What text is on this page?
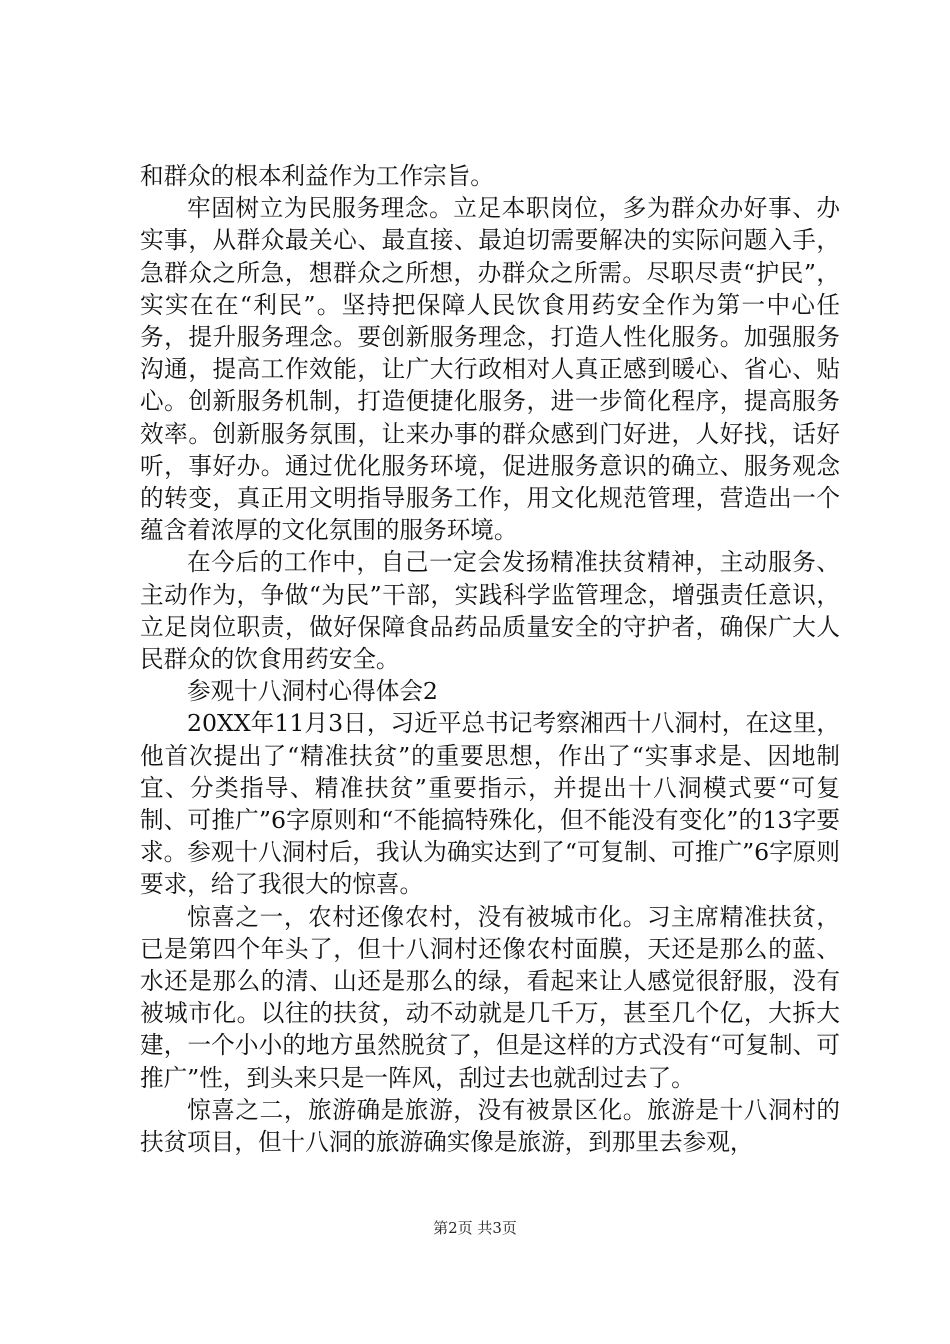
和群众的根本利益作为工作宗旨。

牢固树立为民服务理念。立足本职岗位，多为群众办好事、办实事，从群众最关心、最直接、最迫切需要解决的实际问题入手，急群众之所急，想群众之所想，办群众之所需。尽职尽责“护民”，实实在在“利民”。坚持把保障人民饮食用药安全作为第一中心任务，提升服务理念。要创新服务理念，打造人性化服务。加强服务沟通，提高工作效能，让广大行政相对人真正感到暖心、省心、贴心。创新服务机制，打造便捷化服务，进一步简化程序，提高服务效率。创新服务氛围，让来办事的群众感到门好进，人好找，话好听，事好办。通过优化服务环境，促进服务意识的确立、服务观念的转变，真正用文明指导服务工作，用文化规范管理，营造出一个蕴含着浓厚的文化氛围的服务环境。

在今后的工作中，自己一定会发扬精准扶贫精神，主动服务、主动作为，争做“为民”干部，实践科学监管理念，增强责任意识，立足岗位职责，做好保障食品药品质量安全的守护者，确保广大人民群众的饮食用药安全。

参观十八洞村心得体会2

20XX年11月3日，习近平总书记考察湘西十八洞村，在这里，他首次提出了“精准扶贫”的重要思想，作出了“实事求是、因地制宜、分类指导、精准扶贫”重要指示，并提出十八洞模式要“可复制、可推广”6字原则和“不能搞特殊化，但不能没有变化”的13字要求。参观十八洞村后，我认为确实达到了“可复制、可推广”6字原则要求，给了我很大的惊喜。

惊喜之一，农村还像农村，没有被城市化。习主席精准扶贫，已是第四个年头了，但十八洞村还像农村面膜，天还是那么的蓝、水还是那么的清、山还是那么的绿，看起来让人感觉很舒服，没有被城市化。以往的扶贫，动不动就是几千万，甚至几个亿，大拆大建，一个小小的地方虽然脱贫了，但是这样的方式没有“可复制、可推广”性，到头来只是一阵风，刮过去也就刮过去了。

惊喜之二，旅游确是旅游，没有被景区化。旅游是十八洞村的扶贫项目，但十八洞的旅游确实像是旅游，到那里去参观，

第2页 共3页
